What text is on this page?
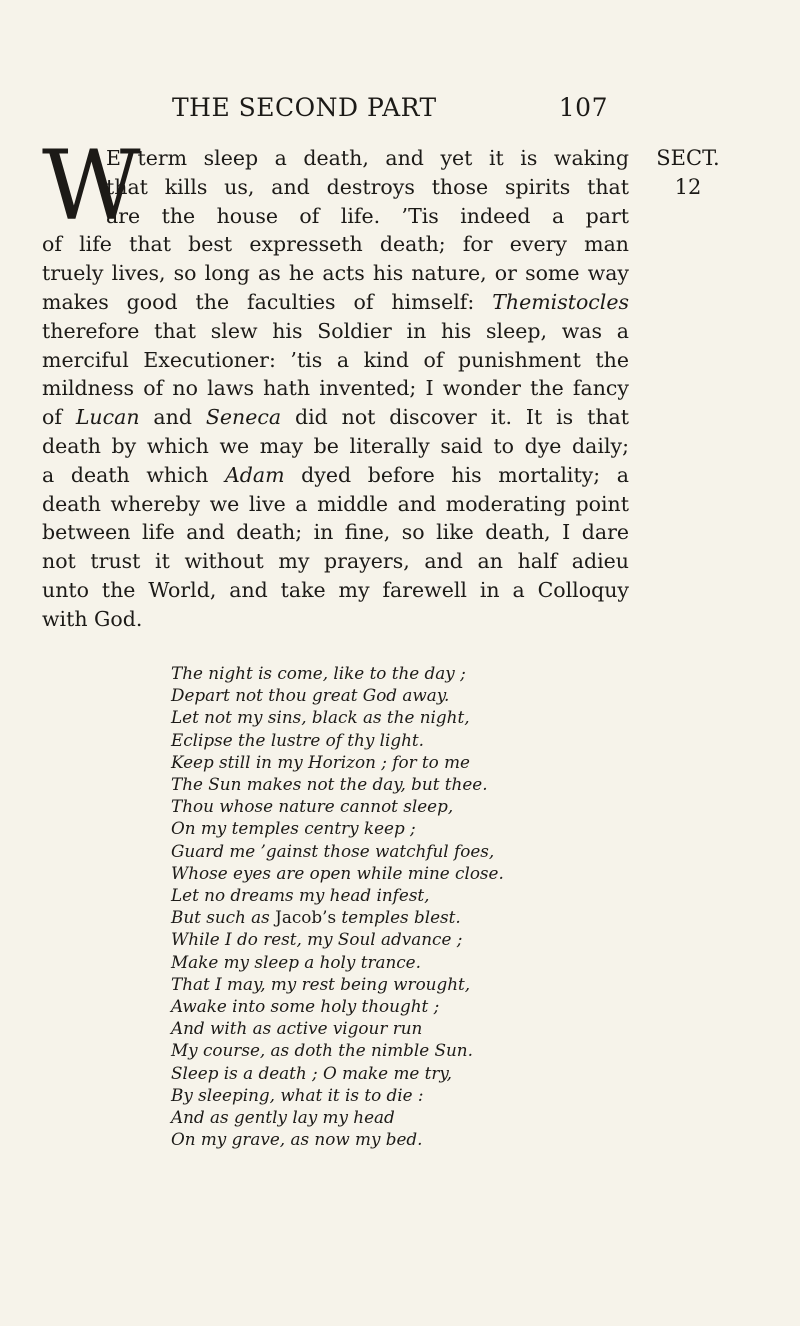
THE SECOND PART	107
SECT.
12
W
E term sleep a death, and yet it is waking
that kills us, and destroys those spirits that
are the house of life. ’Tis indeed a part
of life that best expresseth death; for every man
truely lives, so long as he acts his nature, or some way
makes good the faculties of himself: Themistocles
therefore that slew his Soldier in his sleep, was a
merciful Executioner: ’tis a kind of punishment the
mildness of no laws hath invented; I wonder the fancy
of Lucan and Seneca did not discover it. It is that
death by which we may be literally said to dye daily;
a death which Adam dyed before his mortality; a
death whereby we live a middle and moderating point
between life and death; in fine, so like death, I dare
not trust it without my prayers, and an half adieu
unto the World, and take my farewell in a Colloquy
with God.
The night is come, like to the day ;
Depart not thou great God away.
Let not my sins, black as the night,
Eclipse the lustre of thy light.
Keep still in my Horizon ; for to me
The Sun makes not the day, but thee.
Thou whose nature cannot sleep,
On my temples centry keep ;
Guard me ’gainst those watchful foes,
Whose eyes are open while mine close.
Let no dreams my head infest,
But such as Jacob’s temples blest.
While I do rest, my Soul advance ;
Make my sleep a holy trance.
That I may, my rest being wrought,
Awake into some holy thought ;
And with as active vigour run
My course, as doth the nimble Sun.
Sleep is a death ; O make me try,
By sleeping, what it is to die :
And as gently lay my head
On my grave, as now my bed.
